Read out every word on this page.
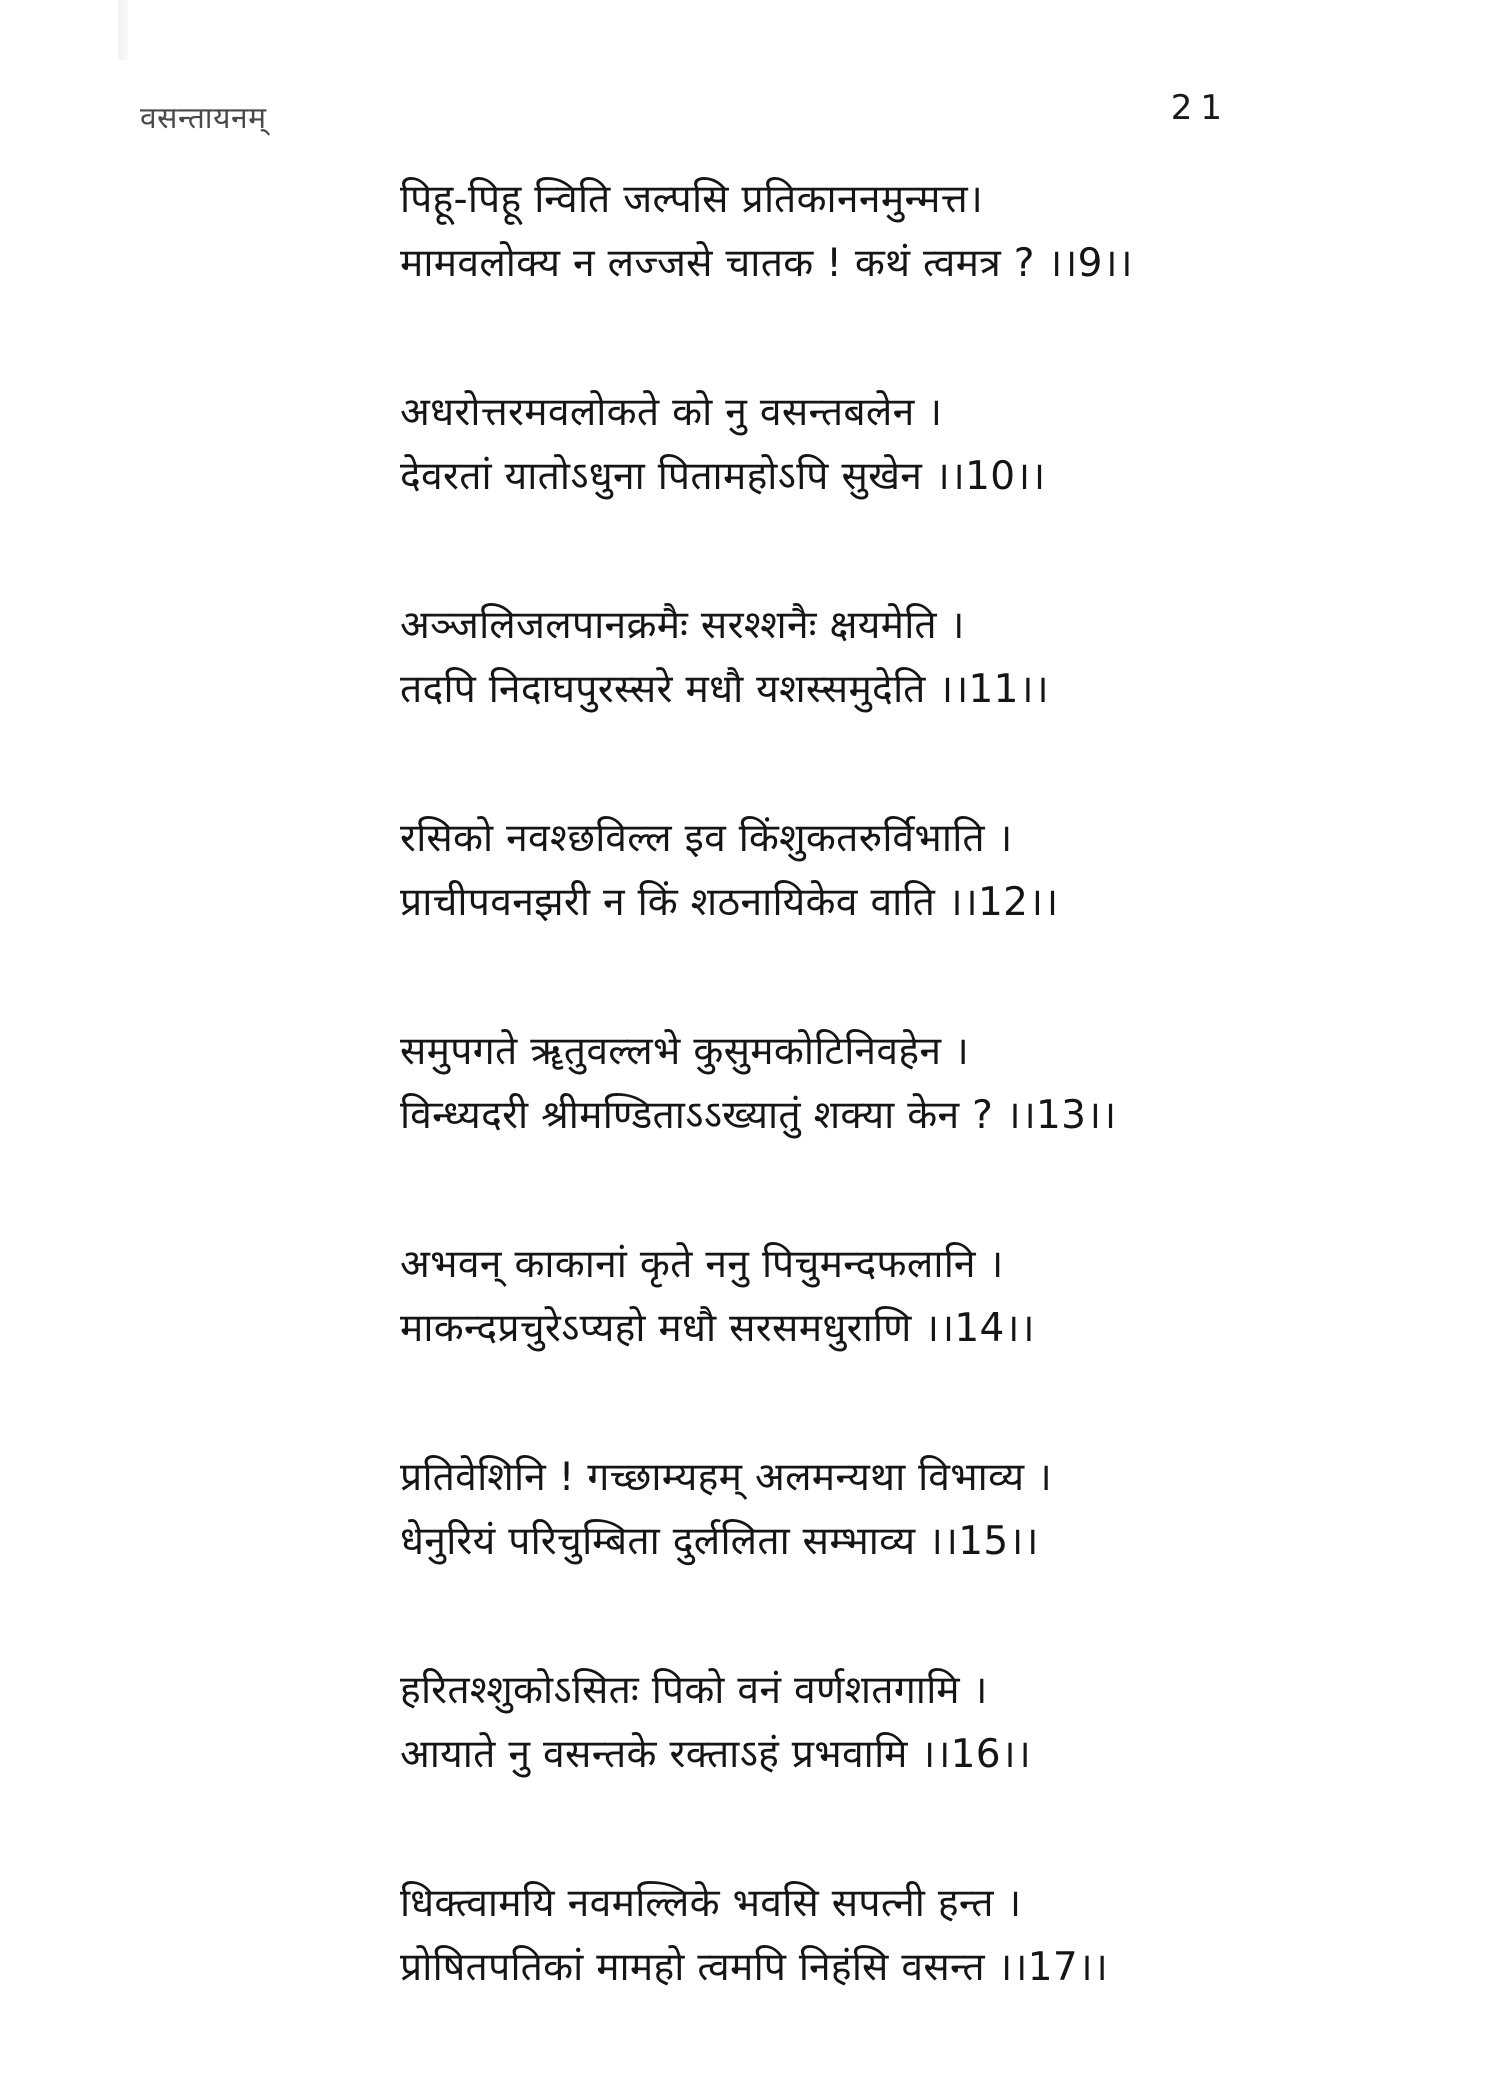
वसन्तायनम्	21
पिहू-पिहू न्विति जल्पसि प्रतिकाननमुन्मत्त।
मामवलोक्य न लज्जसे चातक ! कथं त्वमत्र ? ।।9।।
अधरोत्तरमवलोकते को नु वसन्तबलेन ।
देवरतां यातोऽधुना पितामहोऽपि सुखेन ।।10।।
अञ्जलिजलपानक्रमैः सरश्शनैः क्षयमेति ।
तदपि निदाघपुरस्सरे मधौ यशस्समुदेति ।।11।।
रसिको नवश्छविल्ल इव किंशुकतरुर्विभाति ।
प्राचीपवनझरी न किं शठनायिकेव वाति ।।12।।
समुपगते ॠतुवल्लभे कुसुमकोटिनिवहेन ।
विन्ध्यदरी श्रीमण्डिताऽऽख्यातुं शक्या केन ? ।।13।।
अभवन् काकानां कृते ननु पिचुमन्दफलानि ।
माकन्दप्रचुरेऽप्यहो मधौ सरसमधुराणि ।।14।।
प्रतिवेशिनि ! गच्छाम्यहम् अलमन्यथा विभाव्य ।
धेनुरियं परिचुम्बिता दुर्ललिता सम्भाव्य ।।15।।
हरितश्शुकोऽसितः पिको वनं वर्णशतगामि ।
आयाते नु वसन्तके रक्ताऽहं प्रभवामि ।।16।।
धिक्त्वामयि नवमल्लिके भवसि सपत्नी हन्त ।
प्रोषितपतिकां मामहो त्वमपि निहंसि वसन्त ।।17।।
